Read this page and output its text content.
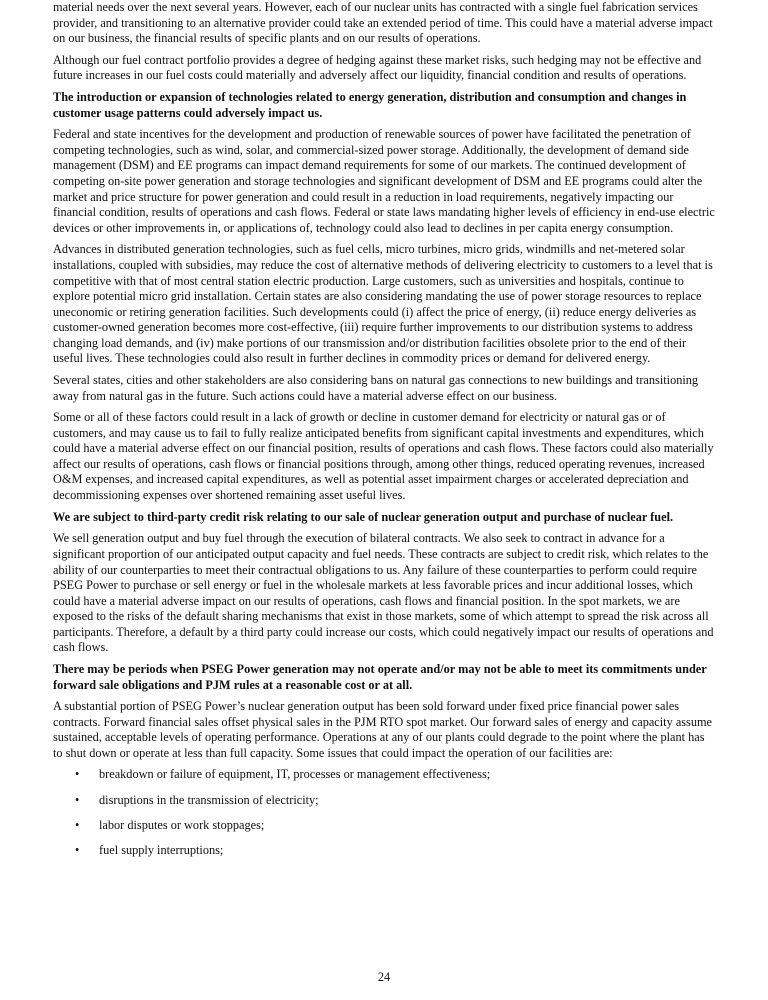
material needs over the next several years. However, each of our nuclear units has contracted with a single fuel fabrication services provider, and transitioning to an alternative provider could take an extended period of time. This could have a material adverse impact on our business, the financial results of specific plants and on our results of operations.

Although our fuel contract portfolio provides a degree of hedging against these market risks, such hedging may not be effective and future increases in our fuel costs could materially and adversely affect our liquidity, financial condition and results of operations.

The introduction or expansion of technologies related to energy generation, distribution and consumption and changes in customer usage patterns could adversely impact us.

Federal and state incentives for the development and production of renewable sources of power have facilitated the penetration of competing technologies, such as wind, solar, and commercial-sized power storage. Additionally, the development of demand side management (DSM) and EE programs can impact demand requirements for some of our markets. The continued development of competing on-site power generation and storage technologies and significant development of DSM and EE programs could alter the market and price structure for power generation and could result in a reduction in load requirements, negatively impacting our financial condition, results of operations and cash flows. Federal or state laws mandating higher levels of efficiency in end-use electric devices or other improvements in, or applications of, technology could also lead to declines in per capita energy consumption.

Advances in distributed generation technologies, such as fuel cells, micro turbines, micro grids, windmills and net-metered solar installations, coupled with subsidies, may reduce the cost of alternative methods of delivering electricity to customers to a level that is competitive with that of most central station electric production. Large customers, such as universities and hospitals, continue to explore potential micro grid installation. Certain states are also considering mandating the use of power storage resources to replace uneconomic or retiring generation facilities. Such developments could (i) affect the price of energy, (ii) reduce energy deliveries as customer-owned generation becomes more cost-effective, (iii) require further improvements to our distribution systems to address changing load demands, and (iv) make portions of our transmission and/or distribution facilities obsolete prior to the end of their useful lives. These technologies could also result in further declines in commodity prices or demand for delivered energy.

Several states, cities and other stakeholders are also considering bans on natural gas connections to new buildings and transitioning away from natural gas in the future. Such actions could have a material adverse effect on our business.

Some or all of these factors could result in a lack of growth or decline in customer demand for electricity or natural gas or of customers, and may cause us to fail to fully realize anticipated benefits from significant capital investments and expenditures, which could have a material adverse effect on our financial position, results of operations and cash flows. These factors could also materially affect our results of operations, cash flows or financial positions through, among other things, reduced operating revenues, increased O&M expenses, and increased capital expenditures, as well as potential asset impairment charges or accelerated depreciation and decommissioning expenses over shortened remaining asset useful lives.

We are subject to third-party credit risk relating to our sale of nuclear generation output and purchase of nuclear fuel.

We sell generation output and buy fuel through the execution of bilateral contracts. We also seek to contract in advance for a significant proportion of our anticipated output capacity and fuel needs. These contracts are subject to credit risk, which relates to the ability of our counterparties to meet their contractual obligations to us. Any failure of these counterparties to perform could require PSEG Power to purchase or sell energy or fuel in the wholesale markets at less favorable prices and incur additional losses, which could have a material adverse impact on our results of operations, cash flows and financial position. In the spot markets, we are exposed to the risks of the default sharing mechanisms that exist in those markets, some of which attempt to spread the risk across all participants. Therefore, a default by a third party could increase our costs, which could negatively impact our results of operations and cash flows.

There may be periods when PSEG Power generation may not operate and/or may not be able to meet its commitments under forward sale obligations and PJM rules at a reasonable cost or at all.

A substantial portion of PSEG Power’s nuclear generation output has been sold forward under fixed price financial power sales contracts. Forward financial sales offset physical sales in the PJM RTO spot market. Our forward sales of energy and capacity assume sustained, acceptable levels of operating performance. Operations at any of our plants could degrade to the point where the plant has to shut down or operate at less than full capacity. Some issues that could impact the operation of our facilities are:

• breakdown or failure of equipment, IT, processes or management effectiveness;
• disruptions in the transmission of electricity;
• labor disputes or work stoppages;
• fuel supply interruptions;
24
